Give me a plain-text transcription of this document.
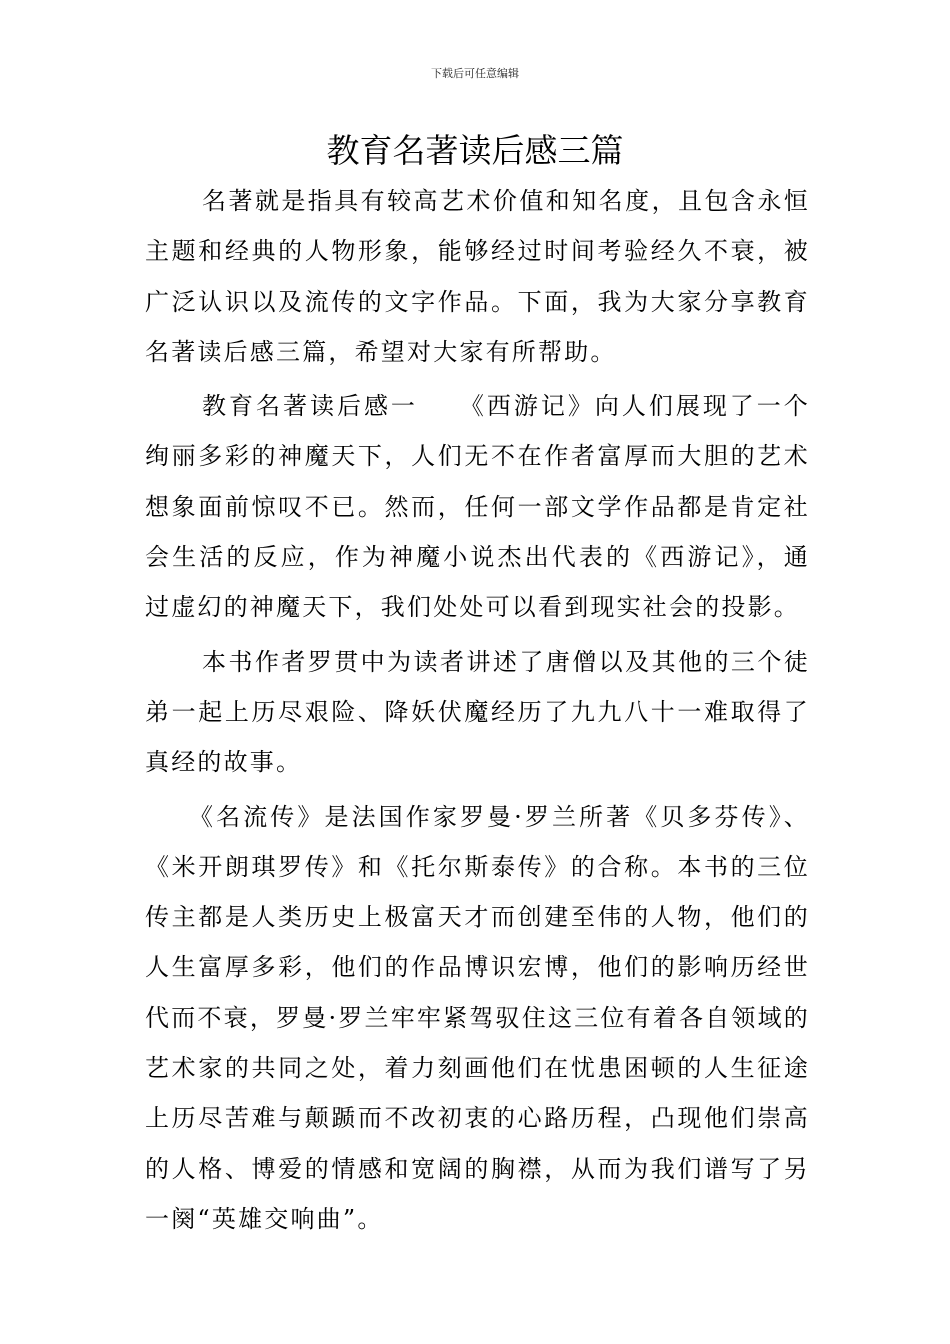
下载后可任意编辑
教育名著读后感三篇

名著就是指具有较高艺术价值和知名度，且包含永恒主题和经典的人物形象，能够经过时间考验经久不衰，被广泛认识以及流传的文字作品。下面，我为大家分享教育名著读后感三篇，希望对大家有所帮助。

教育名著读后感一　　《西游记》向人们展现了一个绚丽多彩的神魔天下，人们无不在作者富厚而大胆的艺术想象面前惊叹不已。然而，任何一部文学作品都是肯定社会生活的反应，作为神魔小说杰出代表的《西游记》，通过虚幻的神魔天下，我们处处可以看到现实社会的投影。

本书作者罗贯中为读者讲述了唐僧以及其他的三个徒弟一起上历尽艰险、降妖伏魔经历了九九八十一难取得了真经的故事。

《名流传》是法国作家罗曼·罗兰所著《贝多芬传》、《米开朗琪罗传》和《托尔斯泰传》的合称。本书的三位传主都是人类历史上极富天才而创建至伟的人物，他们的人生富厚多彩，他们的作品博识宏博，他们的影响历经世代而不衰，罗曼·罗兰牢牢紧驾驭住这三位有着各自领域的艺术家的共同之处，着力刻画他们在忧患困顿的人生征途上历尽苦难与颠踬而不改初衷的心路历程，凸现他们崇高的人格、博爱的情感和宽阔的胸襟，从而为我们谱写了另一阕“英雄交响曲”。
